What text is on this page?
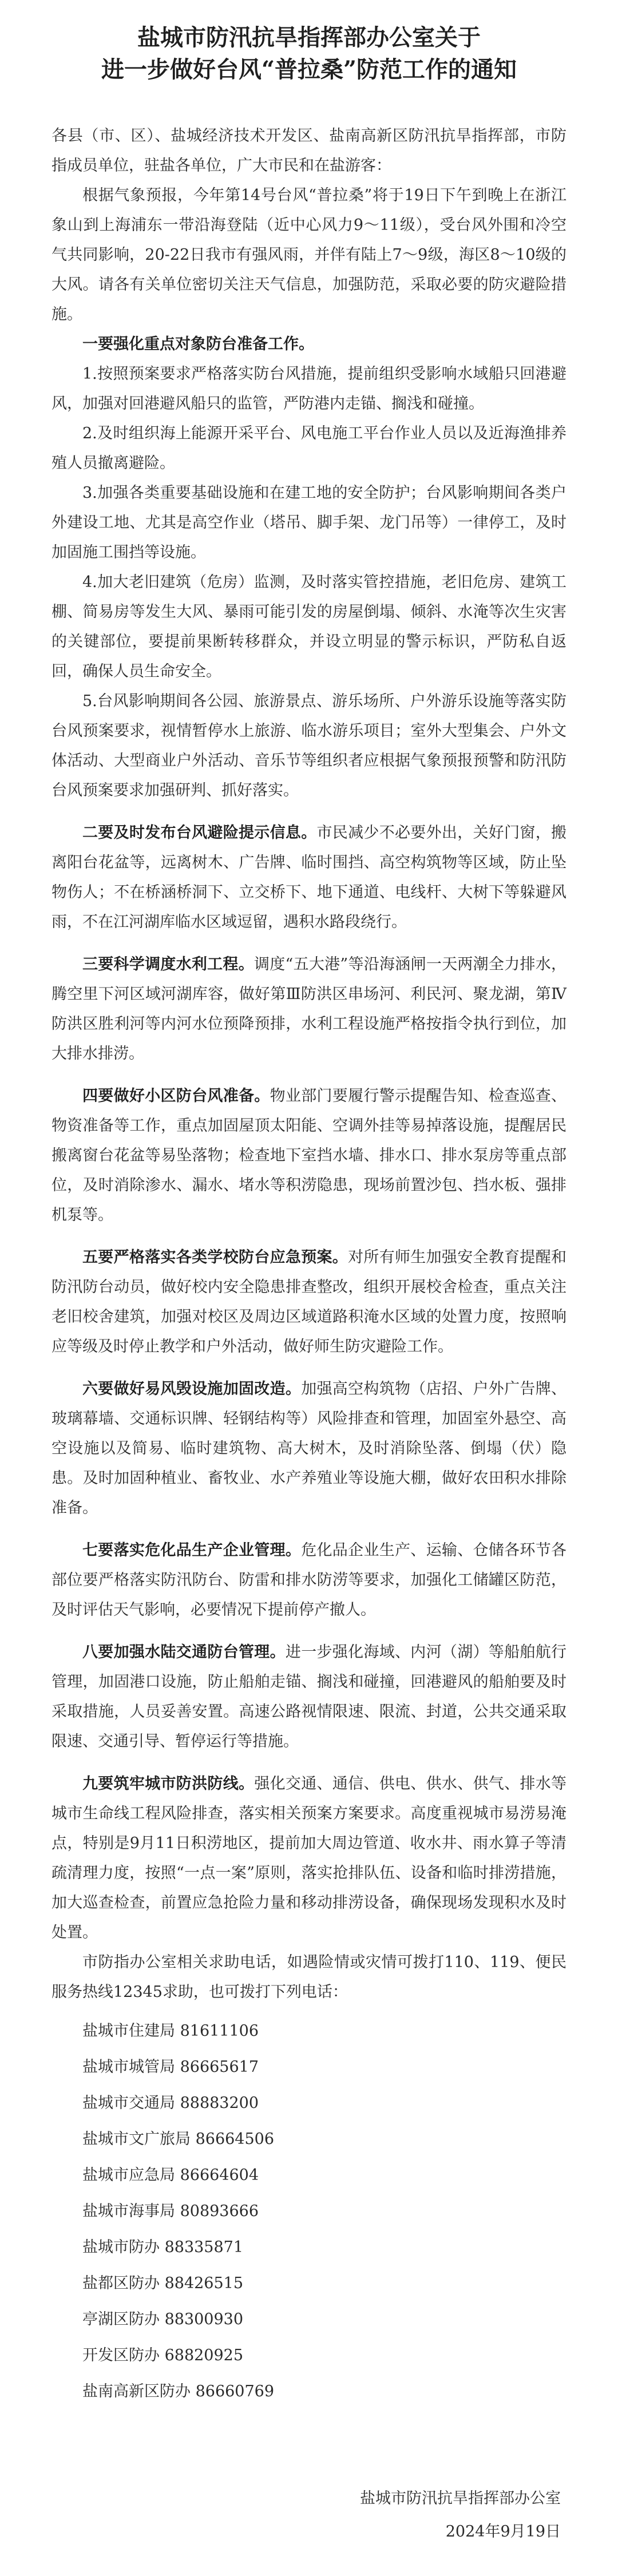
盐城市防汛抗旱指挥部办公室关于
进一步做好台风“普拉桑”防范工作的通知

各县（市、区）、盐城经济技术开发区、盐南高新区防汛抗旱指挥部，市防指成员单位，驻盐各单位，广大市民和在盐游客：

根据气象预报，今年第14号台风“普拉桑”将于19日下午到晚上在浙江象山到上海浦东一带沿海登陆（近中心风力9～11级），受台风外围和冷空气共同影响，20-22日我市有强风雨，并伴有陆上7～9级，海区8～10级的大风。请各有关单位密切关注天气信息，加强防范，采取必要的防灾避险措施。

一要强化重点对象防台准备工作。

1.按照预案要求严格落实防台风措施，提前组织受影响水域船只回港避风，加强对回港避风船只的监管，严防港内走锚、搁浅和碰撞。

2.及时组织海上能源开采平台、风电施工平台作业人员以及近海渔排养殖人员撤离避险。

3.加强各类重要基础设施和在建工地的安全防护；台风影响期间各类户外建设工地、尤其是高空作业（塔吊、脚手架、龙门吊等）一律停工，及时加固施工围挡等设施。

4.加大老旧建筑（危房）监测，及时落实管控措施，老旧危房、建筑工棚、简易房等发生大风、暴雨可能引发的房屋倒塌、倾斜、水淹等次生灾害的关键部位，要提前果断转移群众，并设立明显的警示标识，严防私自返回，确保人员生命安全。

5.台风影响期间各公园、旅游景点、游乐场所、户外游乐设施等落实防台风预案要求，视情暂停水上旅游、临水游乐项目；室外大型集会、户外文体活动、大型商业户外活动、音乐节等组织者应根据气象预报预警和防汛防台风预案要求加强研判、抓好落实。

二要及时发布台风避险提示信息。市民减少不必要外出，关好门窗，搬离阳台花盆等，远离树木、广告牌、临时围挡、高空构筑物等区域，防止坠物伤人；不在桥涵桥洞下、立交桥下、地下通道、电线杆、大树下等躲避风雨，不在江河湖库临水区域逗留，遇积水路段绕行。

三要科学调度水利工程。调度“五大港”等沿海涵闸一天两潮全力排水，腾空里下河区域河湖库容，做好第Ⅲ防洪区串场河、利民河、聚龙湖，第Ⅳ防洪区胜利河等内河水位预降预排，水利工程设施严格按指令执行到位，加大排水排涝。

四要做好小区防台风准备。物业部门要履行警示提醒告知、检查巡查、物资准备等工作，重点加固屋顶太阳能、空调外挂等易掉落设施，提醒居民搬离窗台花盆等易坠落物；检查地下室挡水墙、排水口、排水泵房等重点部位，及时消除渗水、漏水、堵水等积涝隐患，现场前置沙包、挡水板、强排机泵等。

五要严格落实各类学校防台应急预案。对所有师生加强安全教育提醒和防汛防台动员，做好校内安全隐患排查整改，组织开展校舍检查，重点关注老旧校舍建筑，加强对校区及周边区域道路积淹水区域的处置力度，按照响应等级及时停止教学和户外活动，做好师生防灾避险工作。

六要做好易风毁设施加固改造。加强高空构筑物（店招、户外广告牌、玻璃幕墙、交通标识牌、轻钢结构等）风险排查和管理，加固室外悬空、高空设施以及简易、临时建筑物、高大树木，及时消除坠落、倒塌（伏）隐患。及时加固种植业、畜牧业、水产养殖业等设施大棚，做好农田积水排除准备。

七要落实危化品生产企业管理。危化品企业生产、运输、仓储各环节各部位要严格落实防汛防台、防雷和排水防涝等要求，加强化工储罐区防范，及时评估天气影响，必要情况下提前停产撤人。

八要加强水陆交通防台管理。进一步强化海域、内河（湖）等船舶航行管理，加固港口设施，防止船舶走锚、搁浅和碰撞，回港避风的船舶要及时采取措施，人员妥善安置。高速公路视情限速、限流、封道，公共交通采取限速、交通引导、暂停运行等措施。

九要筑牢城市防洪防线。强化交通、通信、供电、供水、供气、排水等城市生命线工程风险排查，落实相关预案方案要求。高度重视城市易涝易淹点，特别是9月11日积涝地区，提前加大周边管道、收水井、雨水算子等清疏清理力度，按照“一点一案”原则，落实抢排队伍、设备和临时排涝措施，加大巡查检查，前置应急抢险力量和移动排涝设备，确保现场发现积水及时处置。

市防指办公室相关求助电话，如遇险情或灾情可拨打110、119、便民服务热线12345求助，也可拨打下列电话：

盐城市住建局 81611106

盐城市城管局 86665617

盐城市交通局 88883200

盐城市文广旅局 86664506

盐城市应急局 86664604

盐城市海事局 80893666

盐城市防办 88335871

盐都区防办 88426515

亭湖区防办 88300930

开发区防办 68820925

盐南高新区防办 86660769

盐城市防汛抗旱指挥部办公室
2024年9月19日
